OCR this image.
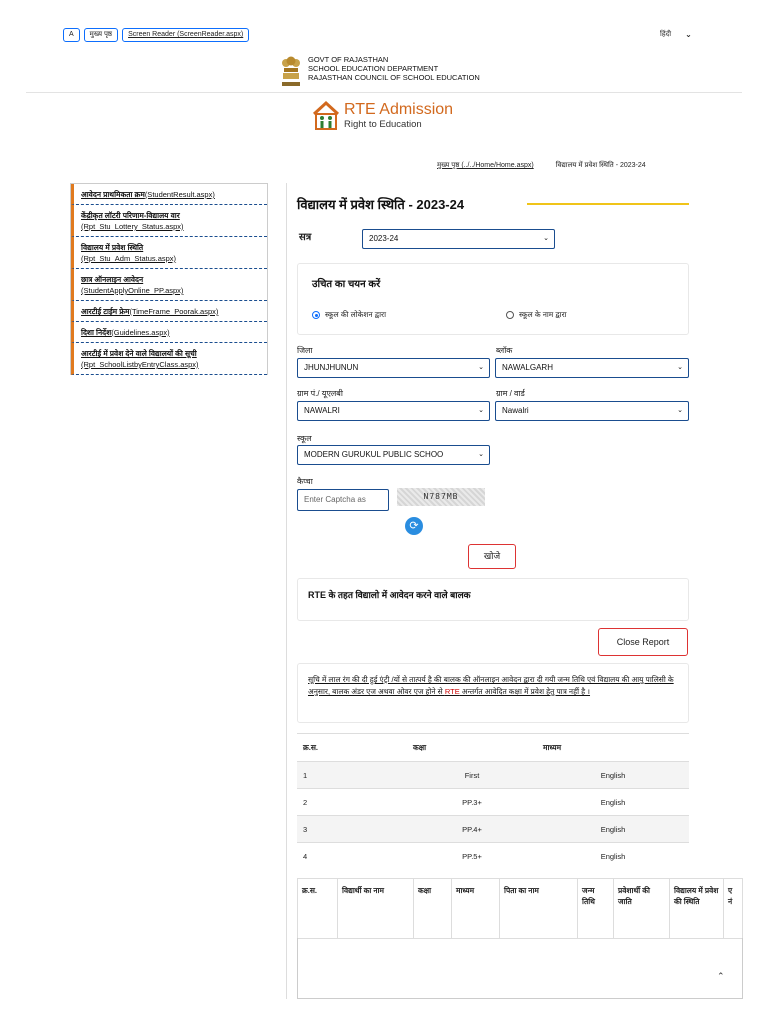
A	मुख्य पृष्ठ	Screen Reader (ScreenReader.aspx)	हिंदी ⌄
GOVT OF RAJASTHAN
SCHOOL EDUCATION DEPARTMENT
RAJASTHAN COUNCIL OF SCHOOL EDUCATION
RTE Admission
Right to Education
मुख्य पृष्ठ (../../Home/Home.aspx)	विद्यालय में प्रवेश स्थिति - 2023-24
आवेदन प्राथमिकता क्रम(StudentResult.aspx)
केंद्रीकृत लॉटरी परिणाम-विद्यालय वार
(Rpt_Stu_Lottery_Status.aspx)
विद्यालय में प्रवेश स्थिति
(Rpt_Stu_Adm_Status.aspx)
छात्र ऑनलाइन आवेदन
(StudentApplyOnline_PP.aspx)
आरटीई टाईम फ्रेम(TimeFrame_Poorak.aspx)
दिशा निर्देश(Guidelines.aspx)
आरटीई में प्रवेश देने वाले विद्यालयों की सूची
(Rpt_SchoolListbyEntryClass.aspx)
विद्यालय में प्रवेश स्थिति - 2023-24
सत्र	2023-24	⌄
उचित का चयन करें
स्कूल की लोकेशन द्वारा	स्कूल के नाम द्वारा
जिला
JHUNJHUNUN	⌄
ब्लॉक
NAWALGARH	⌄
ग्राम पं./ यूएलबी
NAWALRI	⌄
ग्राम / वार्ड
Nawalri	⌄
स्कूल
MODERN GURUKUL PUBLIC SCHOO	⌄
कैप्चा
Enter Captcha as	N787MB
⟳
खोजे
RTE के तहत विद्यालो में आवेदन करने वाले बालक
Close Report
सूचि में लाल रंग की दी हुई एंट्री /यों से तात्पर्य है की बालक की ऑनलाइन आवेदन द्वारा दी गयी जन्म तिथि एवं विद्यालय की आयु पालिसी के अनुसार, बालक अंडर एज अथवा ओवर एज होने से RTE अन्तर्गत आवेदित कक्षा में प्रवेश हेतु पात्र नहीं है ।
क्र.स.	कक्षा	माध्यम
1	First	English
2	PP.3+	English
3	PP.4+	English
4	PP.5+	English
क्र.स.	विद्यार्थी का नाम	कक्षा	माध्यम	पिता का नाम	जन्म तिथि	प्रवेशार्थी की जाति	विद्यालय में प्रवेश की स्थिति	ए नं
⌃
